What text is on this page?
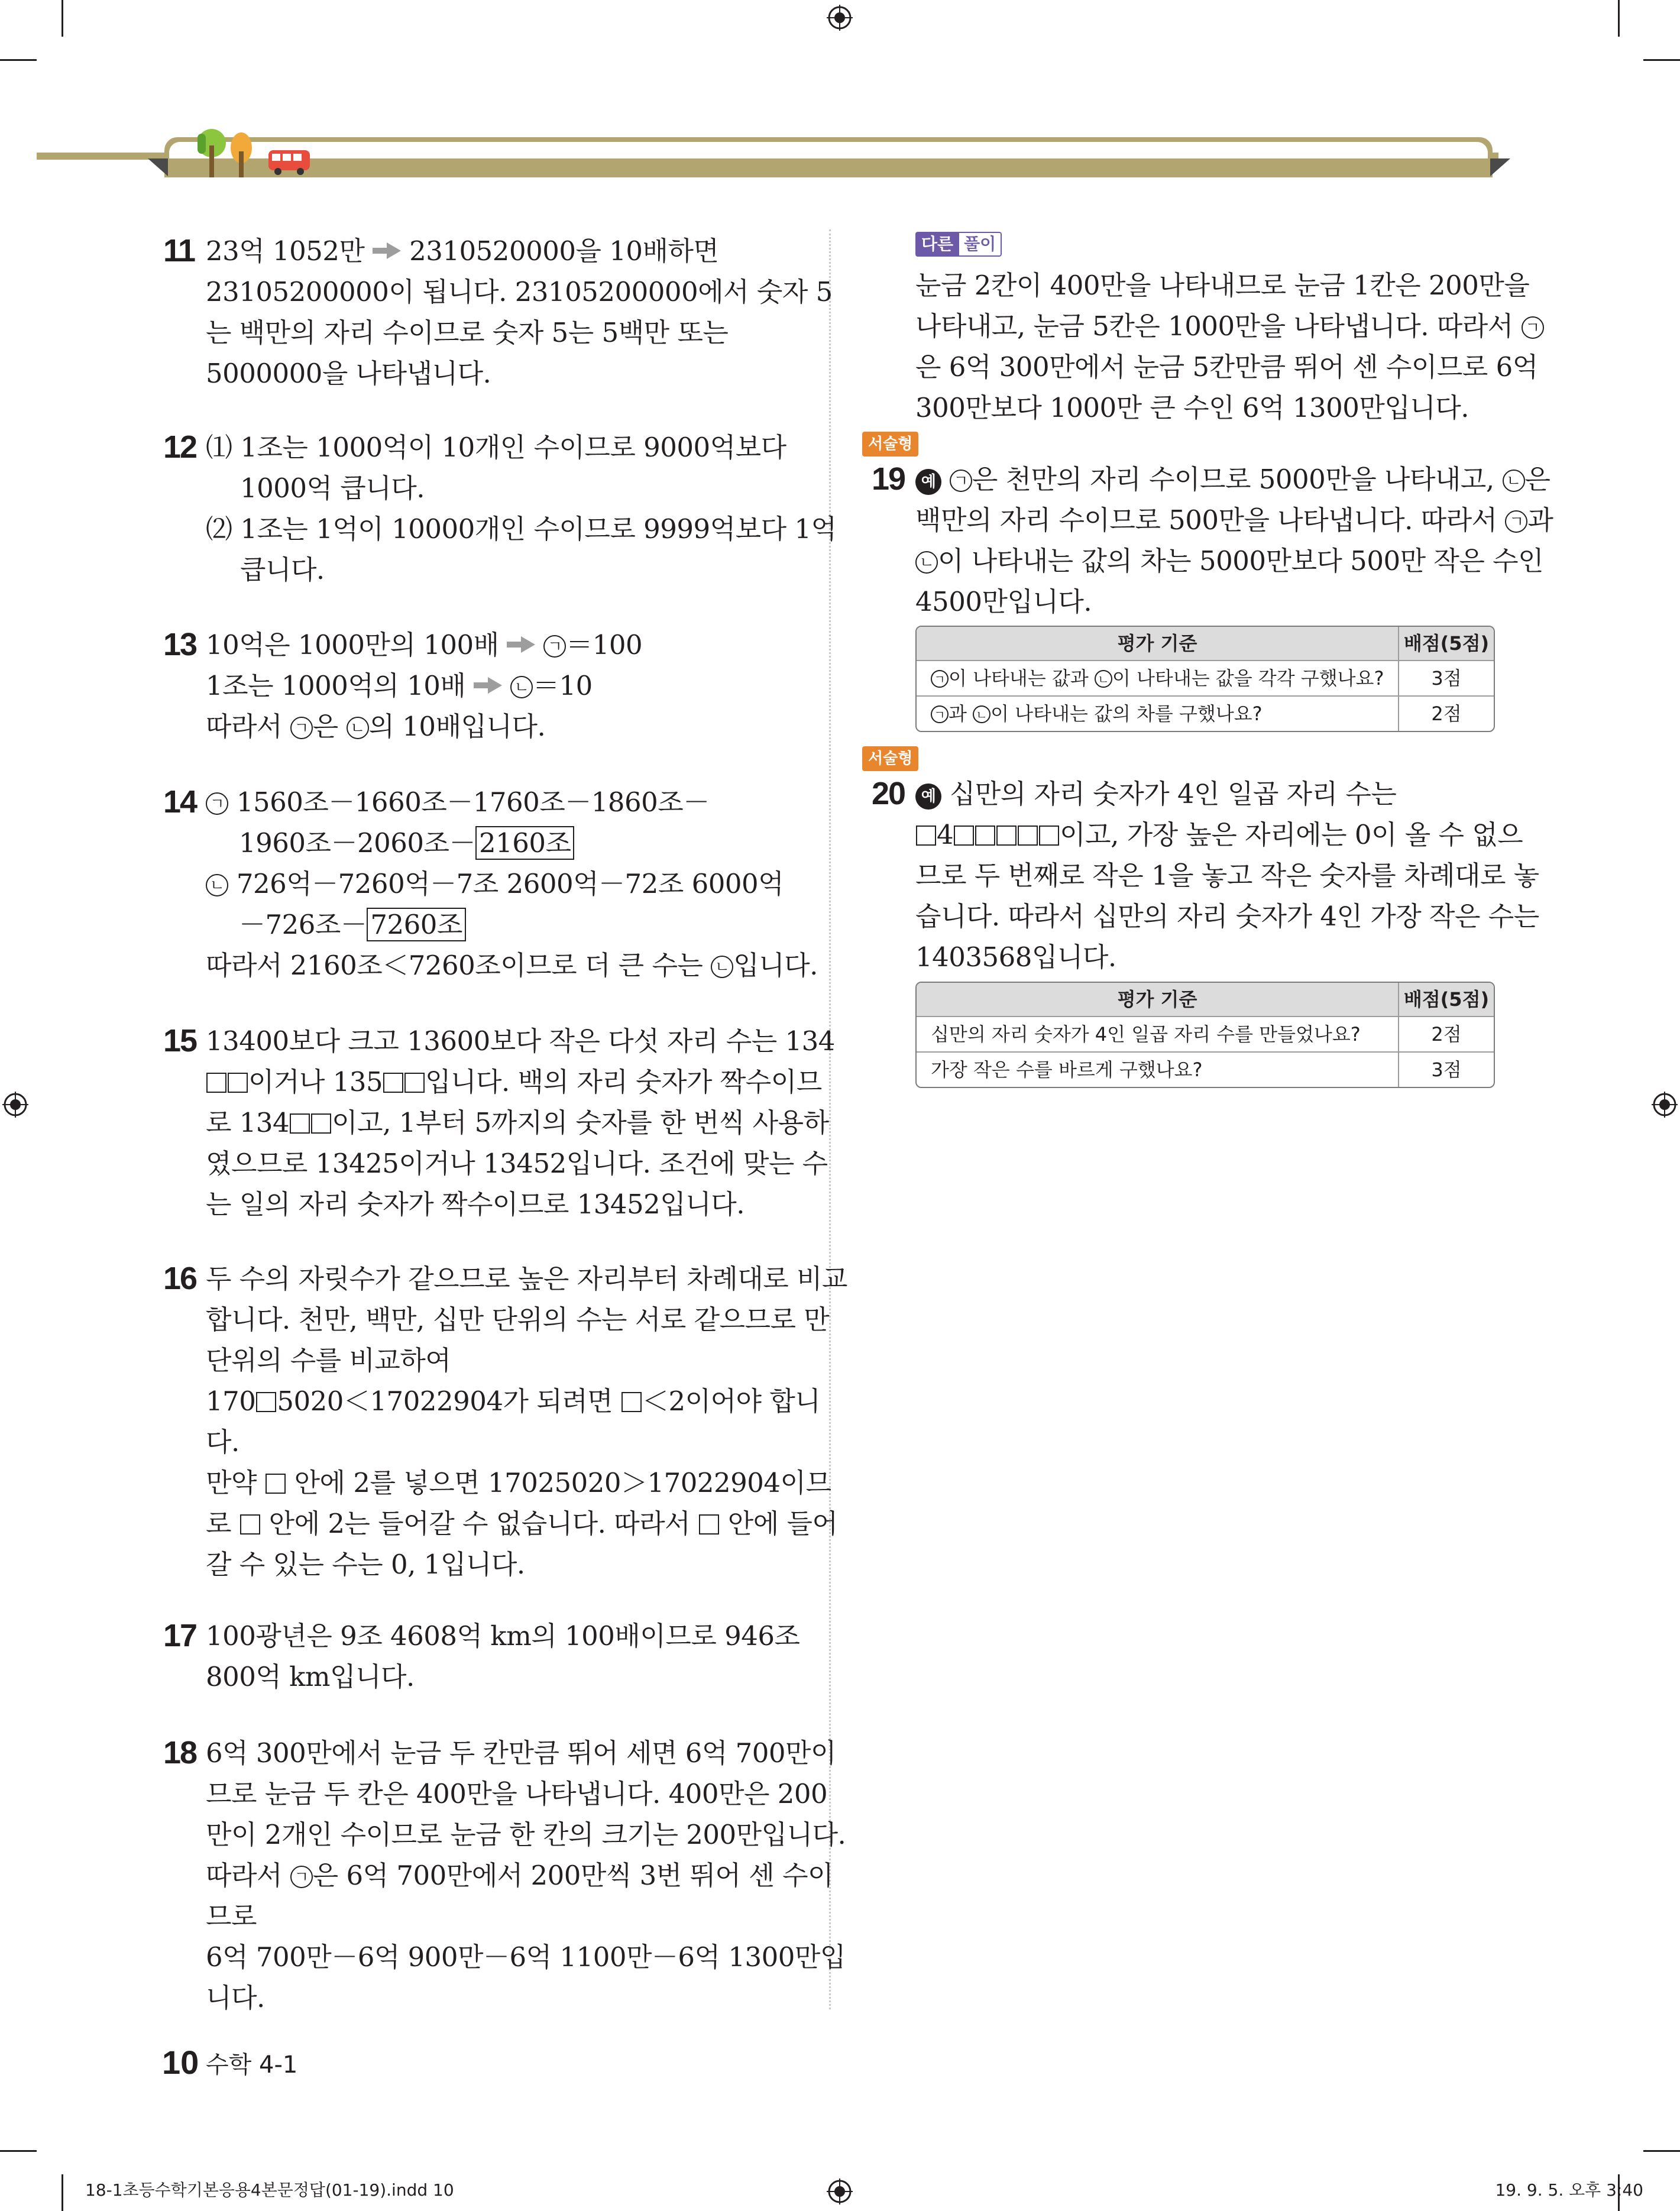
11 23억 1052만 2310520000을 10배하면
23105200000이 됩니다. 23105200000에서 숫자 5
는 백만의 자리 수이므로 숫자 5는 5백만 또는
5000000을 나타냅니다.
12 ⑴ 1조는 1000억이 10개인 수이므로 9000억보다
1000억 큽니다.
⑵ 1조는 1억이 10000개인 수이므로 9999억보다 1억
큽니다.
13 10억은 1000만의 100배	ㄱ ＝100
1조는 1000억의 10배	ㄴ ＝10
따라서 ㄱ 은 ㄴ 의 10배입니다.
14 ㄱ 1560조－1660조－1760조－1860조－
1960조－2060조－ 2160조
ㄴ 726억－7260억－7조 2600억－72조 6000억
－726조－ 7260조
따라서 2160조＜7260조이므로 더 큰 수는 ㄴ 입니다.
15 13400보다 크고 13600보다 작은 다섯 자리 수는 134
이거나 135 입니다. 백의 자리 숫자가 짝수이므
로 134 이고, 1부터 5까지의 숫자를 한 번씩 사용하
였으므로 13425이거나 13452입니다. 조건에 맞는 수
는 일의 자리 숫자가 짝수이므로 13452입니다.
16 두 수의 자릿수가 같으므로 높은 자리부터 차례대로 비교
합니다. 천만, 백만, 십만 단위의 수는 서로 같으므로 만
단위의 수를 비교하여
170 5020＜17022904가 되려면 ＜2이어야 합니
다.
만약 안에 2를 넣으면 17025020＞17022904이므
로 안에 2는 들어갈 수 없습니다. 따라서 안에 들어
갈 수 있는 수는 0, 1입니다.
17 100광년은 9조 4608억 km의 100배이므로 946조
800억 km입니다.
18 6억 300만에서 눈금 두 칸만큼 뛰어 세면 6억 700만이
므로 눈금 두 칸은 400만을 나타냅니다. 400만은 200
만이 2개인 수이므로 눈금 한 칸의 크기는 200만입니다.
따라서 ㄱ 은 6억 700만에서 200만씩 3번 뛰어 센 수이
므로
6억 700만－6억 900만－6억 1100만－6억 1300만입
니다.
다른 풀이
눈금 2칸이 400만을 나타내므로 눈금 1칸은 200만을
나타내고, 눈금 5칸은 1000만을 나타냅니다. 따라서 ㄱ
은 6억 300만에서 눈금 5칸만큼 뛰어 센 수이므로 6억
300만보다 1000만 큰 수인 6억 1300만입니다.
서술형
19	예 ㄱ 은 천만의 자리 수이므로 5000만을 나타내고, ㄴ 은
백만의 자리 수이므로 500만을 나타냅니다. 따라서 ㄱ 과
ㄴ 이 나타내는 값의 차는 5000만보다 500만 작은 수인
4500만입니다.
평가 기준	배점(5점)
ㄱ 이 나타내는 값과 ㄴ 이 나타내는 값을 각각 구했나요?	3점
ㄱ 과 ㄴ 이 나타내는 값의 차를 구했나요?	2점
서술형
20	예 십만의 자리 숫자가 4인 일곱 자리 수는
4	이고, 가장 높은 자리에는 0이 올 수 없으
므로 두 번째로 작은 1을 놓고 작은 숫자를 차례대로 놓
습니다. 따라서 십만의 자리 숫자가 4인 가장 작은 수는
1403568입니다.
평가 기준	배점(5점)
십만의 자리 숫자가 4인 일곱 자리 수를 만들었나요?	2점
가장 작은 수를 바르게 구했나요?	3점
10 수학 4-1
18-1초등수학기본응용4본문정답(01-19).indd 10	19. 9. 5. 오후 3:40
